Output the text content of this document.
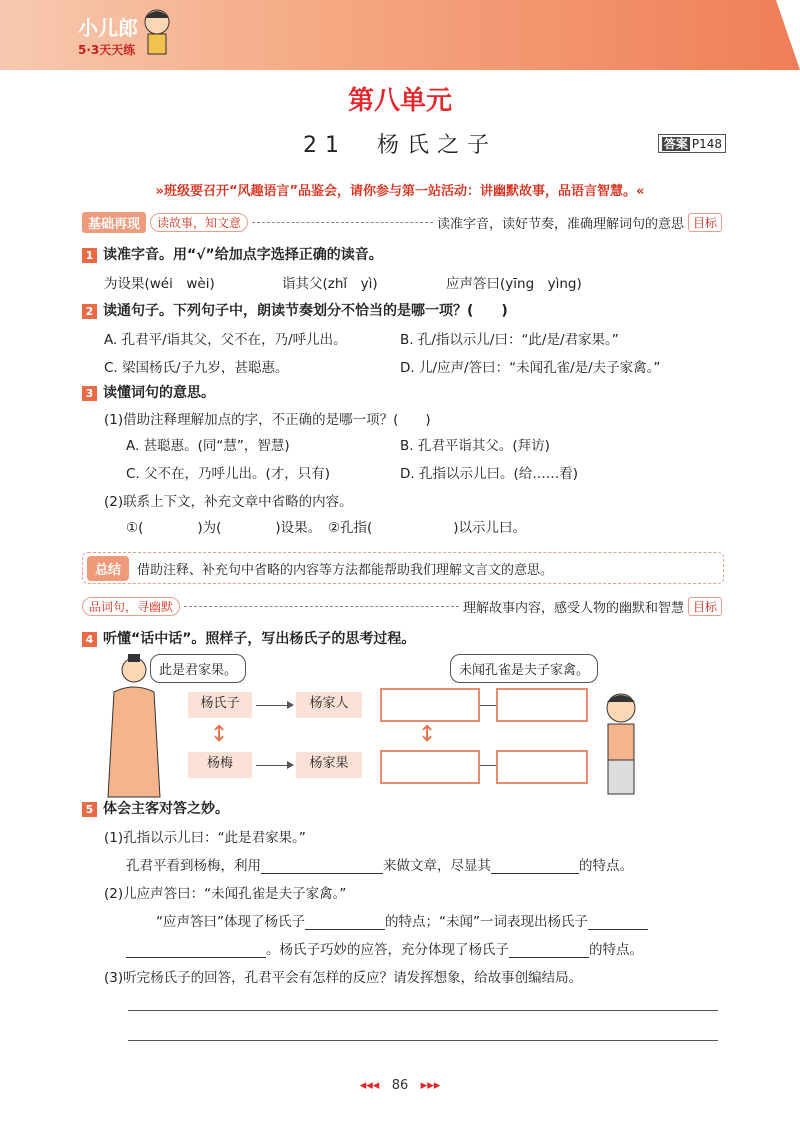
小儿郎
5·3天天练
第八单元
21　杨氏之子	答案 P148
»班级要召开“风趣语言”品鉴会，请你参与第一站活动：讲幽默故事，品语言智慧。«
基础再现	读故事，知文意	读准字音，读好节奏，准确理解词句的意思 目标
1 读准字音。用“√”给加点字选择正确的读音。
为设果(wéi　wèi)	诣其父(zhǐ　yì)	应声答曰(yīng　yìng)
2 读通句子。下列句子中，朗读节奏划分不恰当的是哪一项？(　　)
A. 孔君平/诣其父，父不在，乃/呼儿出。	B. 孔/指以示儿/曰：“此/是/君家果。”
C. 梁国杨氏/子九岁，甚聪惠。	D. 儿/应声/答曰：“未闻孔雀/是/夫子家禽。”
3 读懂词句的意思。
(1)借助注释理解加点的字，不正确的是哪一项？(　　)
A. 甚聪惠。(同“慧”，智慧)	B. 孔君平诣其父。(拜访)
C. 父不在，乃呼儿出。(才，只有)	D. 孔指以示儿曰。(给……看)
(2)联系上下文，补充文章中省略的内容。
①(　　　　)为(　　　　)设果。　②孔指(　　　　　　)以示儿曰。
总结	借助注释、补充句中省略的内容等方法都能帮助我们理解文言文的意思。
品词句，寻幽默	理解故事内容，感受人物的幽默和智慧 目标
4 听懂“话中话”。照样子，写出杨氏子的思考过程。
此是君家果。	未闻孔雀是夫子家禽。
杨氏子	杨家人
杨梅	杨家果
↕	↕
5 体会主客对答之妙。
(1)孔指以示儿曰：“此是君家果。”
孔君平看到杨梅，利用	来做文章，尽显其	的特点。
(2)儿应声答曰：“未闻孔雀是夫子家禽。”
“应声答曰”体现了杨氏子	的特点；“未闻”一词表现出杨氏子
。杨氏子巧妙的应答，充分体现了杨氏子	的特点。
(3)听完杨氏子的回答，孔君平会有怎样的反应？请发挥想象，给故事创编结局。
◂◂◂ 86 ▸▸▸
